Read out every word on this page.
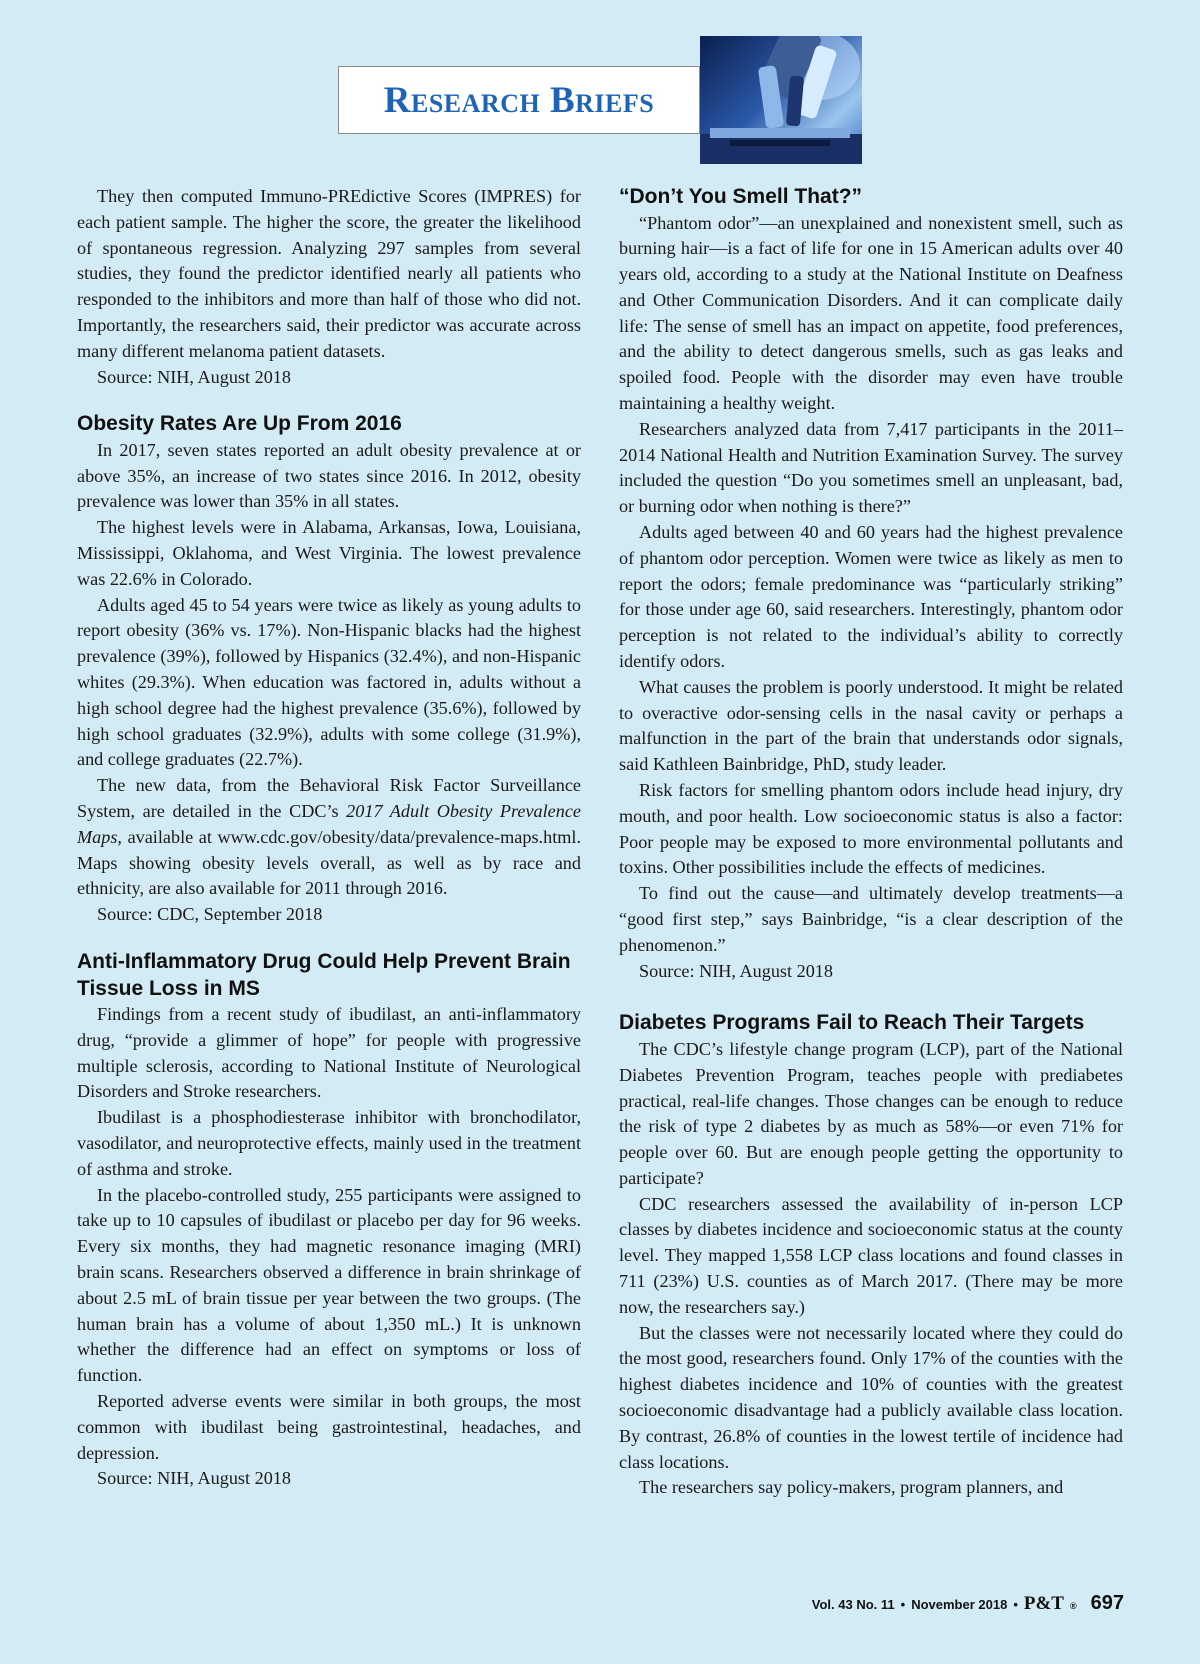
Research Briefs

They then computed Immuno-PREdictive Scores (IMPRES) for each patient sample. The higher the score, the greater the likelihood of spontaneous regression. Analyzing 297 samples from several studies, they found the predictor identified nearly all patients who responded to the inhibitors and more than half of those who did not. Importantly, the researchers said, their predictor was accurate across many different melanoma patient datasets.

Source: NIH, August 2018

Obesity Rates Are Up From 2016

In 2017, seven states reported an adult obesity prevalence at or above 35%, an increase of two states since 2016. In 2012, obesity prevalence was lower than 35% in all states.

The highest levels were in Alabama, Arkansas, Iowa, Louisiana, Mississippi, Oklahoma, and West Virginia. The lowest prevalence was 22.6% in Colorado.

Adults aged 45 to 54 years were twice as likely as young adults to report obesity (36% vs. 17%). Non-Hispanic blacks had the highest prevalence (39%), followed by Hispanics (32.4%), and non-Hispanic whites (29.3%). When education was factored in, adults without a high school degree had the highest prevalence (35.6%), followed by high school graduates (32.9%), adults with some college (31.9%), and college graduates (22.7%).

The new data, from the Behavioral Risk Factor Surveillance System, are detailed in the CDC’s 2017 Adult Obesity Prevalence Maps, available at www.cdc.gov/obesity/data/prevalence-maps.html. Maps showing obesity levels overall, as well as by race and ethnicity, are also available for 2011 through 2016.

Source: CDC, September 2018

Anti-Inflammatory Drug Could Help Prevent Brain Tissue Loss in MS

Findings from a recent study of ibudilast, an anti-inflammatory drug, “provide a glimmer of hope” for people with progressive multiple sclerosis, according to National Institute of Neurological Disorders and Stroke researchers.

Ibudilast is a phosphodiesterase inhibitor with bronchodilator, vasodilator, and neuroprotective effects, mainly used in the treatment of asthma and stroke.

In the placebo-controlled study, 255 participants were assigned to take up to 10 capsules of ibudilast or placebo per day for 96 weeks. Every six months, they had magnetic resonance imaging (MRI) brain scans. Researchers observed a difference in brain shrinkage of about 2.5 mL of brain tissue per year between the two groups. (The human brain has a volume of about 1,350 mL.) It is unknown whether the difference had an effect on symptoms or loss of function.

Reported adverse events were similar in both groups, the most common with ibudilast being gastrointestinal, headaches, and depression.

Source: NIH, August 2018

“Don’t You Smell That?”

“Phantom odor”—an unexplained and nonexistent smell, such as burning hair—is a fact of life for one in 15 American adults over 40 years old, according to a study at the National Institute on Deafness and Other Communication Disorders. And it can complicate daily life: The sense of smell has an impact on appetite, food preferences, and the ability to detect dangerous smells, such as gas leaks and spoiled food. People with the disorder may even have trouble maintaining a healthy weight.

Researchers analyzed data from 7,417 participants in the 2011–2014 National Health and Nutrition Examination Survey. The survey included the question “Do you sometimes smell an unpleasant, bad, or burning odor when nothing is there?”

Adults aged between 40 and 60 years had the highest prevalence of phantom odor perception. Women were twice as likely as men to report the odors; female predominance was “particularly striking” for those under age 60, said researchers. Interestingly, phantom odor perception is not related to the individual’s ability to correctly identify odors.

What causes the problem is poorly understood. It might be related to overactive odor-sensing cells in the nasal cavity or perhaps a malfunction in the part of the brain that understands odor signals, said Kathleen Bainbridge, PhD, study leader.

Risk factors for smelling phantom odors include head injury, dry mouth, and poor health. Low socioeconomic status is also a factor: Poor people may be exposed to more environmental pollutants and toxins. Other possibilities include the effects of medicines.

To find out the cause—and ultimately develop treatments—a “good first step,” says Bainbridge, “is a clear description of the phenomenon.”

Source: NIH, August 2018

Diabetes Programs Fail to Reach Their Targets

The CDC’s lifestyle change program (LCP), part of the National Diabetes Prevention Program, teaches people with prediabetes practical, real-life changes. Those changes can be enough to reduce the risk of type 2 diabetes by as much as 58%—or even 71% for people over 60. But are enough people getting the opportunity to participate?

CDC researchers assessed the availability of in-person LCP classes by diabetes incidence and socioeconomic status at the county level. They mapped 1,558 LCP class locations and found classes in 711 (23%) U.S. counties as of March 2017. (There may be more now, the researchers say.)

But the classes were not necessarily located where they could do the most good, researchers found. Only 17% of the counties with the highest diabetes incidence and 10% of counties with the greatest socioeconomic disadvantage had a publicly available class location. By contrast, 26.8% of counties in the lowest tertile of incidence had class locations.

The researchers say policy-makers, program planners, and

Vol. 43 No. 11 • November 2018 • P&T ® 697
